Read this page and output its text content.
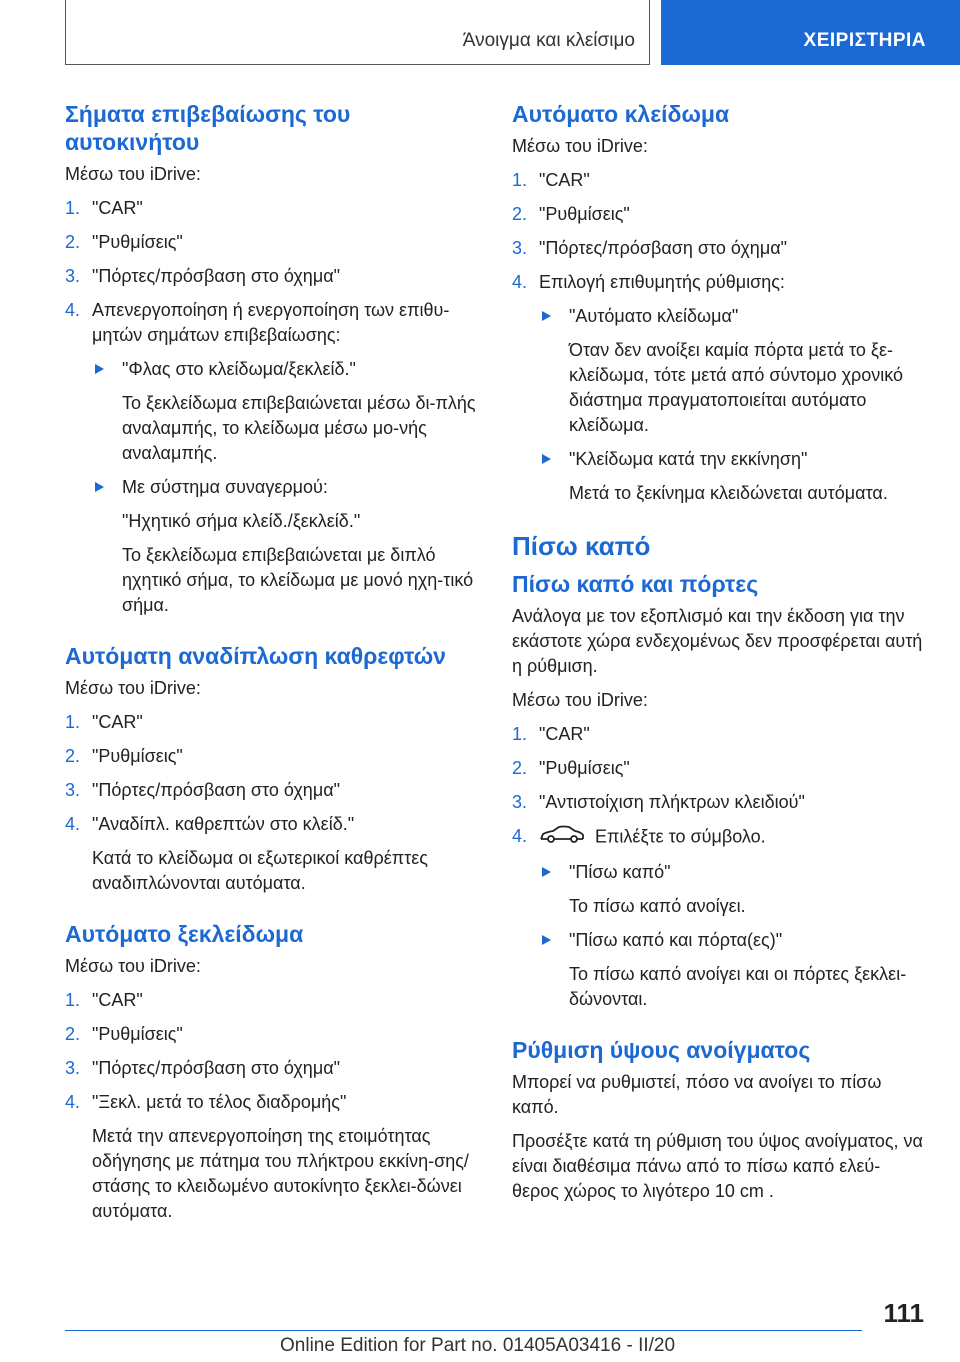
Άνοιγμα και κλείσιμο	ΧΕΙΡΙΣΤΗΡΙΑ
Σήματα επιβεβαίωσης του αυτοκινήτου

Μέσω του iDrive:

1. "CAR"
2. "Ρυθμίσεις"
3. "Πόρτες/πρόσβαση στο όχημα"
4. Απενεργοποίηση ή ενεργοποίηση των επιθυ‐μητών σημάτων επιβεβαίωσης:
"Φλας στο κλείδωμα/ξεκλείδ."
Το ξεκλείδωμα επιβεβαιώνεται μέσω δι‐πλής αναλαμπής, το κλείδωμα μέσω μο‐νής αναλαμπής.
Με σύστημα συναγερμού:
"Ηχητικό σήμα κλείδ./ξεκλείδ."
Το ξεκλείδωμα επιβεβαιώνεται με διπλό ηχητικό σήμα, το κλείδωμα με μονό ηχη‐τικό σήμα.
Αυτόματη αναδίπλωση καθρεφτών

Μέσω του iDrive:

1. "CAR"
2. "Ρυθμίσεις"
3. "Πόρτες/πρόσβαση στο όχημα"
4. "Αναδίπλ. καθρεπτών στο κλείδ."
Κατά το κλείδωμα οι εξωτερικοί καθρέπτες αναδιπλώνονται αυτόματα.
Αυτόματο ξεκλείδωμα

Μέσω του iDrive:

1. "CAR"
2. "Ρυθμίσεις"
3. "Πόρτες/πρόσβαση στο όχημα"
4. "Ξεκλ. μετά το τέλος διαδρομής"
Μετά την απενεργοποίηση της ετοιμότητας οδήγησης με πάτημα του πλήκτρου εκκίνη‐σης/στάσης το κλειδωμένο αυτοκίνητο ξεκλει‐δώνει αυτόματα.
Αυτόματο κλείδωμα

Μέσω του iDrive:

1. "CAR"
2. "Ρυθμίσεις"
3. "Πόρτες/πρόσβαση στο όχημα"
4. Επιλογή επιθυμητής ρύθμισης:
"Αυτόματο κλείδωμα"
Όταν δεν ανοίξει καμία πόρτα μετά το ξε‐κλείδωμα, τότε μετά από σύντομο χρονικό διάστημα πραγματοποιείται αυτόματο κλείδωμα.
"Κλείδωμα κατά την εκκίνηση"
Μετά το ξεκίνημα κλειδώνεται αυτόματα.
Πίσω καπό
Πίσω καπό και πόρτες

Ανάλογα με τον εξοπλισμό και την έκδοση για την εκάστοτε χώρα ενδεχομένως δεν προσφέρεται αυτή η ρύθμιση.

Μέσω του iDrive:

1. "CAR"
2. "Ρυθμίσεις"
3. "Αντιστοίχιση πλήκτρων κλειδιού"
4.	Επιλέξτε το σύμβολο.
"Πίσω καπό"
Το πίσω καπό ανοίγει.
"Πίσω καπό και πόρτα(ες)"
Το πίσω καπό ανοίγει και οι πόρτες ξεκλει‐δώνονται.
Ρύθμιση ύψους ανοίγματος

Μπορεί να ρυθμιστεί, πόσο να ανοίγει το πίσω καπό.

Προσέξτε κατά τη ρύθμιση του ύψος ανοίγματος, να είναι διαθέσιμα πάνω από το πίσω καπό ελεύ‐θερος χώρος το λιγότερο 10 cm .

111
Online Edition for Part no. 01405A03416 - II/20
